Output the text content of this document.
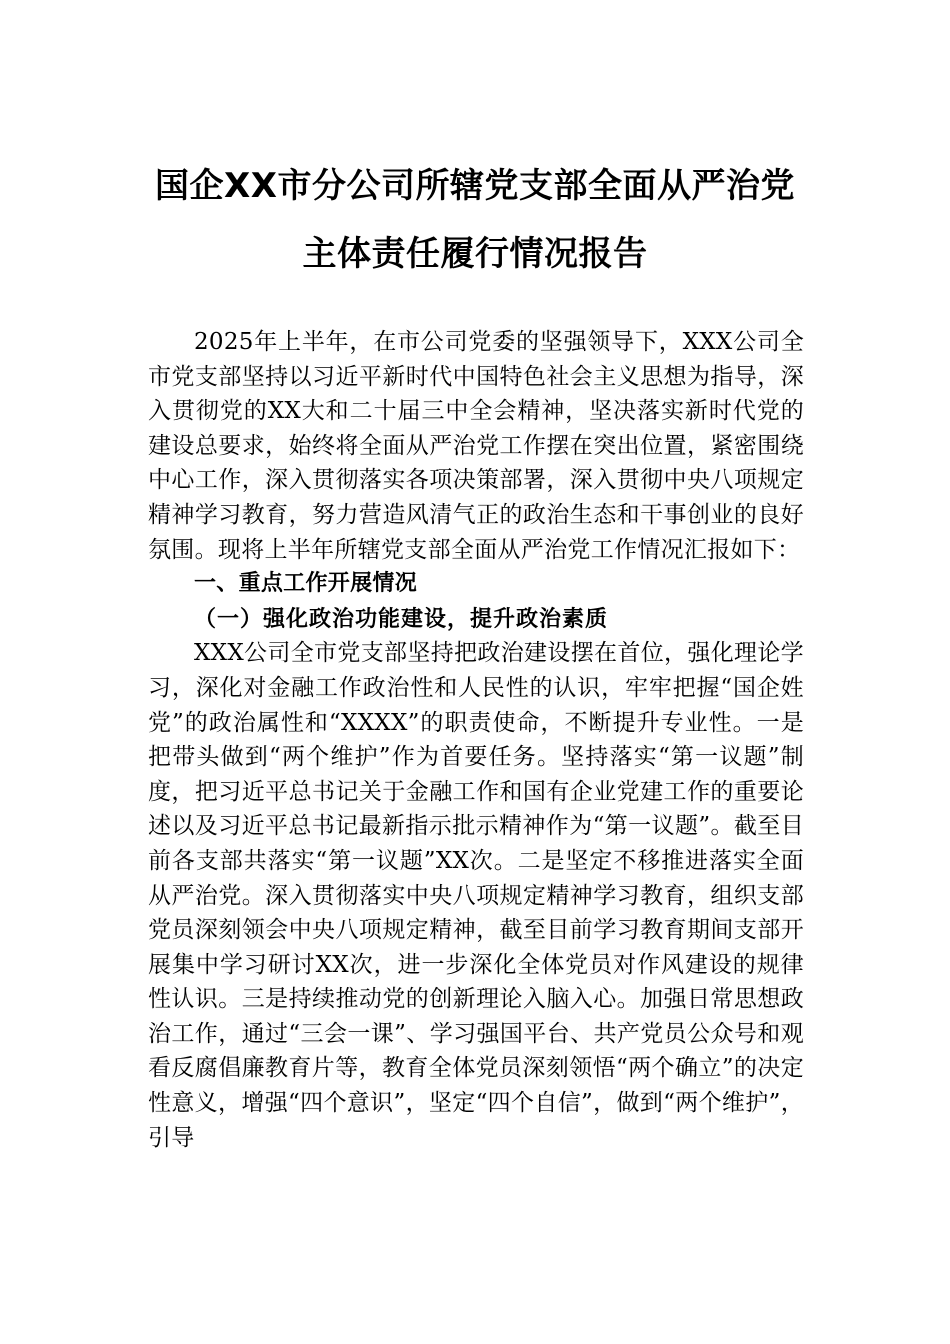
国企XX市分公司所辖党支部全面从严治党
主体责任履行情况报告

2025年上半年，在市公司党委的坚强领导下，XXX公司全市党支部坚持以习近平新时代中国特色社会主义思想为指导，深入贯彻党的XX大和二十届三中全会精神，坚决落实新时代党的建设总要求，始终将全面从严治党工作摆在突出位置，紧密围绕中心工作，深入贯彻落实各项决策部署，深入贯彻中央八项规定精神学习教育，努力营造风清气正的政治生态和干事创业的良好氛围。现将上半年所辖党支部全面从严治党工作情况汇报如下：

一、重点工作开展情况

（一）强化政治功能建设，提升政治素质

XXX公司全市党支部坚持把政治建设摆在首位，强化理论学习，深化对金融工作政治性和人民性的认识，牢牢把握“国企姓党”的政治属性和“XXXX”的职责使命，不断提升专业性。一是把带头做到“两个维护”作为首要任务。坚持落实“第一议题”制度，把习近平总书记关于金融工作和国有企业党建工作的重要论述以及习近平总书记最新指示批示精神作为“第一议题”。截至目前各支部共落实“第一议题”XX次。二是坚定不移推进落实全面从严治党。深入贯彻落实中央八项规定精神学习教育，组织支部党员深刻领会中央八项规定精神，截至目前学习教育期间支部开展集中学习研讨XX次，进一步深化全体党员对作风建设的规律性认识。三是持续推动党的创新理论入脑入心。加强日常思想政治工作，通过“三会一课”、学习强国平台、共产党员公众号和观看反腐倡廉教育片等，教育全体党员深刻领悟“两个确立”的决定性意义，增强“四个意识”，坚定“四个自信”，做到“两个维护”，引导
